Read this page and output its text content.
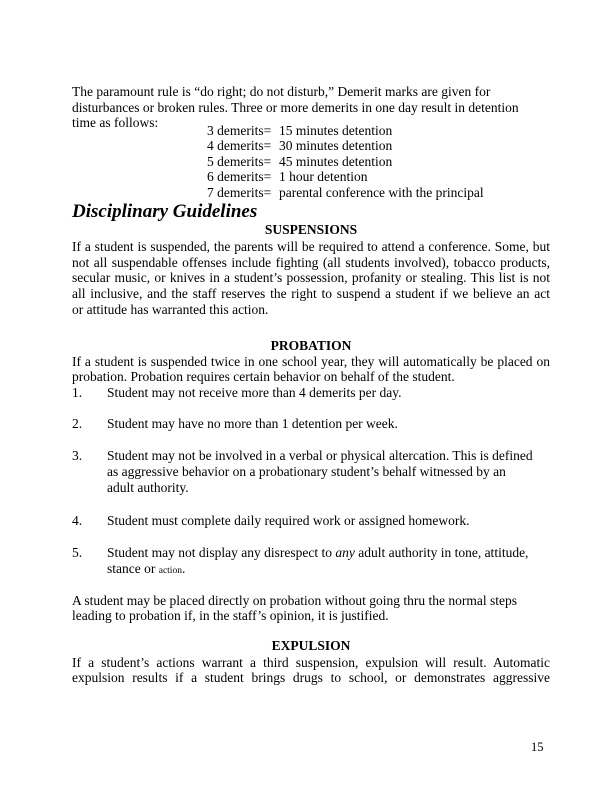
The paramount rule is “do right; do not disturb,” Demerit marks are given for
disturbances or broken rules. Three or more demerits in one day result in detention
time as follows:
3 demerits= 15 minutes detention
4 demerits= 30 minutes detention
5 demerits= 45 minutes detention
6 demerits= 1 hour detention
7 demerits= parental conference with the principal
Disciplinary Guidelines
SUSPENSIONS
If a student is suspended, the parents will be required to attend a conference. Some, but
not all suspendable offenses include fighting (all students involved), tobacco products,
secular music, or knives in a student’s possession, profanity or stealing. This list is not
all inclusive, and the staff reserves the right to suspend a student if we believe an act
or attitude has warranted this action.
PROBATION
If a student is suspended twice in one school year, they will automatically be placed on
probation. Probation requires certain behavior on behalf of the student.
1. Student may not receive more than 4 demerits per day.
2. Student may have no more than 1 detention per week.
3. Student may not be involved in a verbal or physical altercation. This is defined
as aggressive behavior on a probationary student’s behalf witnessed by an
adult authority.
4. Student must complete daily required work or assigned homework.
5. Student may not display any disrespect to any adult authority in tone, attitude,
stance or action.
A student may be placed directly on probation without going thru the normal steps
leading to probation if, in the staff’s opinion, it is justified.
EXPULSION
If a student’s actions warrant a third suspension, expulsion will result. Automatic
expulsion results if a student brings drugs to school, or demonstrates aggressive
15
